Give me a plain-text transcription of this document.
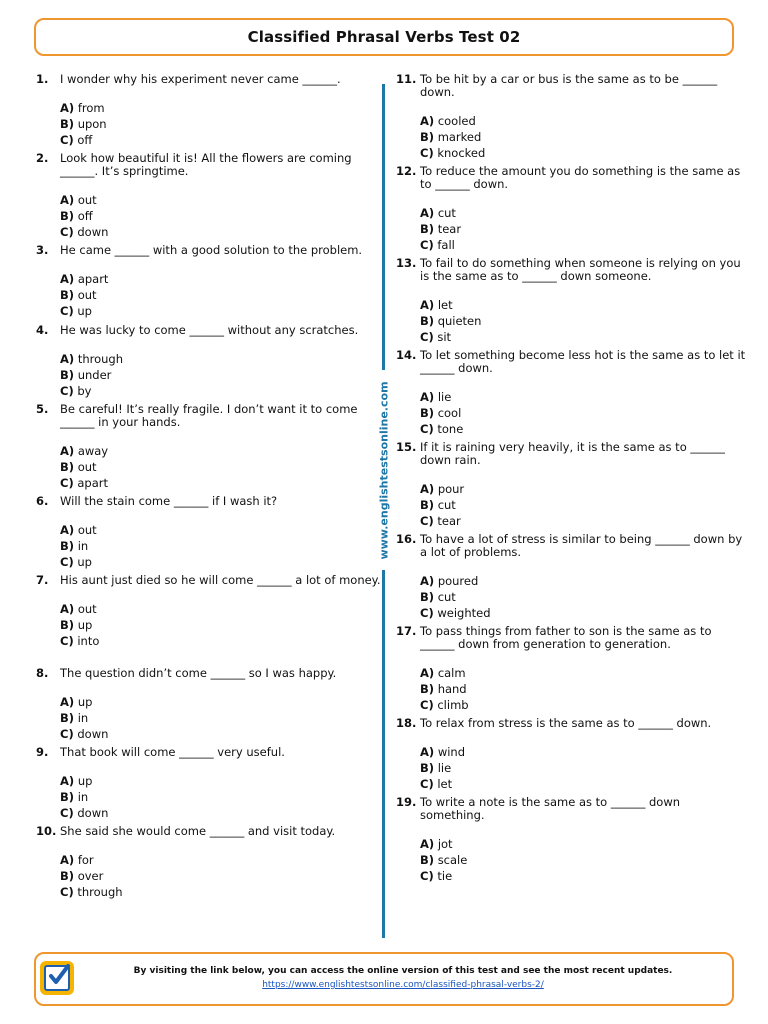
Classified Phrasal Verbs Test 02
1.	I wonder why his experiment never came ______.
A) from
B) upon
C) off
2.	Look how beautiful it is! All the flowers are coming ______. It’s springtime.
A) out
B) off
C) down
3.	He came ______ with a good solution to the problem.
A) apart
B) out
C) up
4.	He was lucky to come ______ without any scratches.
A) through
B) under
C) by
5.	Be careful! It’s really fragile. I don’t want it to come ______ in your hands.
A) away
B) out
C) apart
6.	Will the stain come ______ if I wash it?
A) out
B) in
C) up
7.	His aunt just died so he will come ______ a lot of money.
A) out
B) up
C) into
8.	The question didn’t come ______ so I was happy.
A) up
B) in
C) down
9.	That book will come ______ very useful.
A) up
B) in
C) down
10. She said she would come ______ and visit today.
A) for
B) over
C) through
www.englishtestsonline.com
11. To be hit by a car or bus is the same as to be ______ down.
A) cooled
B) marked
C) knocked
12. To reduce the amount you do something is the same as to ______ down.
A) cut
B) tear
C) fall
13. To fail to do something when someone is relying on you is the same as to ______ down someone.
A) let
B) quieten
C) sit
14. To let something become less hot is the same as to let it ______ down.
A) lie
B) cool
C) tone
15. If it is raining very heavily, it is the same as to ______ down rain.
A) pour
B) cut
C) tear
16. To have a lot of stress is similar to being ______ down by a lot of problems.
A) poured
B) cut
C) weighted
17. To pass things from father to son is the same as to ______ down from generation to generation.
A) calm
B) hand
C) climb
18. To relax from stress is the same as to ______ down.
A) wind
B) lie
C) let
19. To write a note is the same as to ______ down something.
A) jot
B) scale
C) tie
By visiting the link below, you can access the online version of this test and see the most recent updates.
https://www.englishtestsonline.com/classified-phrasal-verbs-2/
